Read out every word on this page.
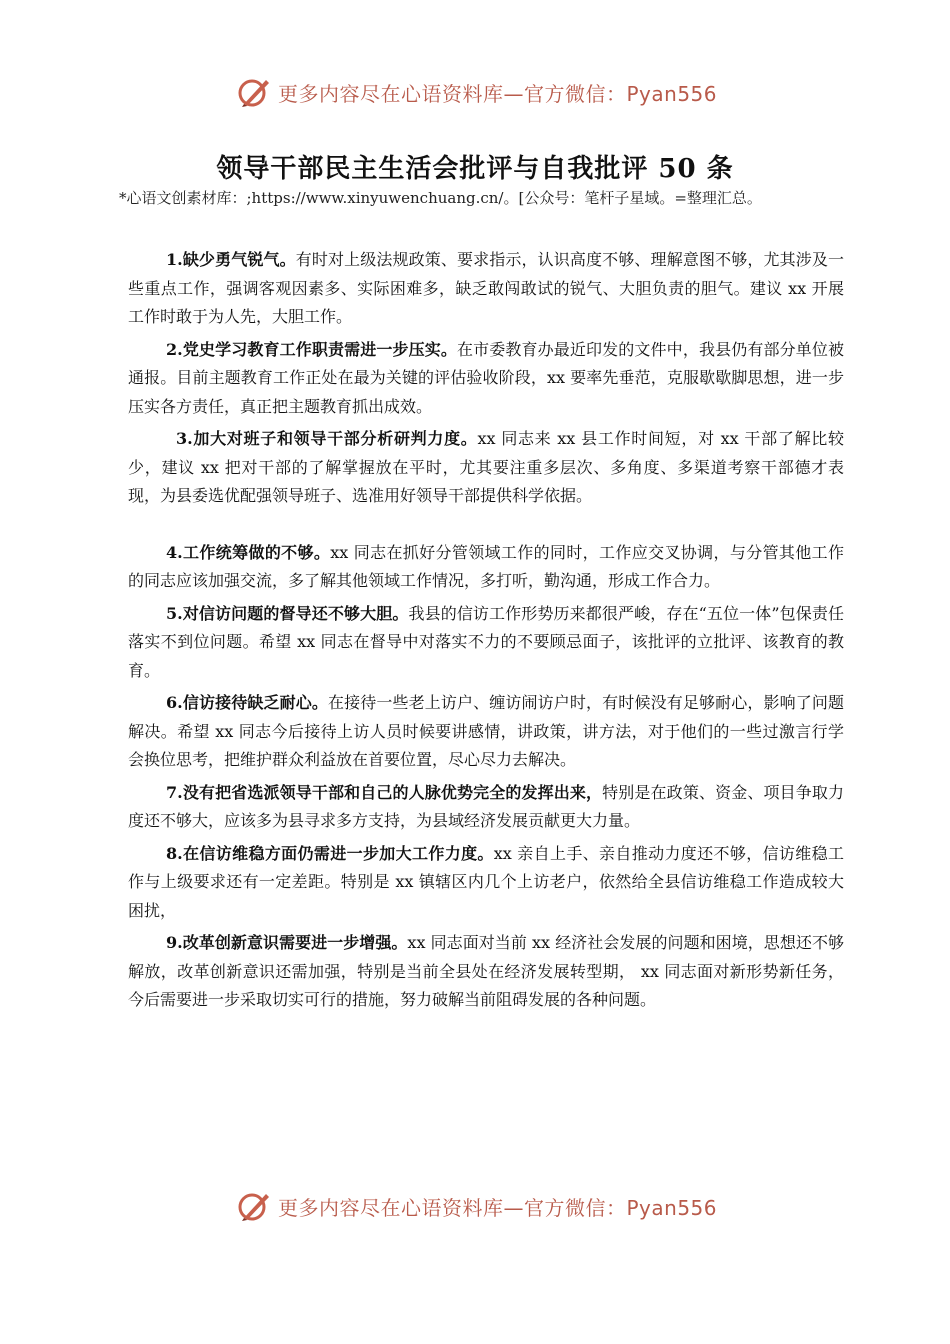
更多内容尽在心语资料库—官方微信：Pyan556
领导干部民主生活会批评与自我批评 50 条

*心语文创素材库：;https://www.xinyuwenchuang.cn/。[公众号：笔杆子星域。=整理汇总。

1.缺少勇气锐气。有时对上级法规政策、要求指示，认识高度不够、理解意图不够，尤其涉及一些重点工作，强调客观因素多、实际困难多，缺乏敢闯敢试的锐气、大胆负责的胆气。建议 xx 开展工作时敢于为人先，大胆工作。

2.党史学习教育工作职责需进一步压实。在市委教育办最近印发的文件中，我县仍有部分单位被通报。目前主题教育工作正处在最为关键的评估验收阶段，xx 要率先垂范，克服歇歇脚思想，进一步压实各方责任，真正把主题教育抓出成效。

3.加大对班子和领导干部分析研判力度。xx 同志来 xx 县工作时间短，对 xx 干部了解比较少，建议 xx 把对干部的了解掌握放在平时，尤其要注重多层次、多角度、多渠道考察干部德才表现，为县委选优配强领导班子、选准用好领导干部提供科学依据。

4.工作统筹做的不够。xx 同志在抓好分管领域工作的同时，工作应交叉协调，与分管其他工作的同志应该加强交流，多了解其他领域工作情况，多打听，勤沟通，形成工作合力。

5.对信访问题的督导还不够大胆。我县的信访工作形势历来都很严峻，存在“五位一体”包保责任落实不到位问题。希望 xx 同志在督导中对落实不力的不要顾忌面子，该批评的立批评、该教育的教育。

6.信访接待缺乏耐心。在接待一些老上访户、缠访闹访户时，有时候没有足够耐心，影响了问题解决。希望 xx 同志今后接待上访人员时候要讲感情，讲政策，讲方法，对于他们的一些过激言行学会换位思考，把维护群众利益放在首要位置，尽心尽力去解决。

7.没有把省选派领导干部和自己的人脉优势完全的发挥出来，特别是在政策、资金、项目争取力度还不够大，应该多为县寻求多方支持，为县域经济发展贡献更大力量。

8.在信访维稳方面仍需进一步加大工作力度。xx 亲自上手、亲自推动力度还不够，信访维稳工作与上级要求还有一定差距。特别是 xx 镇辖区内几个上访老户，依然给全县信访维稳工作造成较大困扰，

9.改革创新意识需要进一步增强。xx 同志面对当前 xx 经济社会发展的问题和困境，思想还不够解放，改革创新意识还需加强，特别是当前全县处在经济发展转型期， xx 同志面对新形势新任务，今后需要进一步采取切实可行的措施，努力破解当前阻碍发展的各种问题。

更多内容尽在心语资料库—官方微信：Pyan556
